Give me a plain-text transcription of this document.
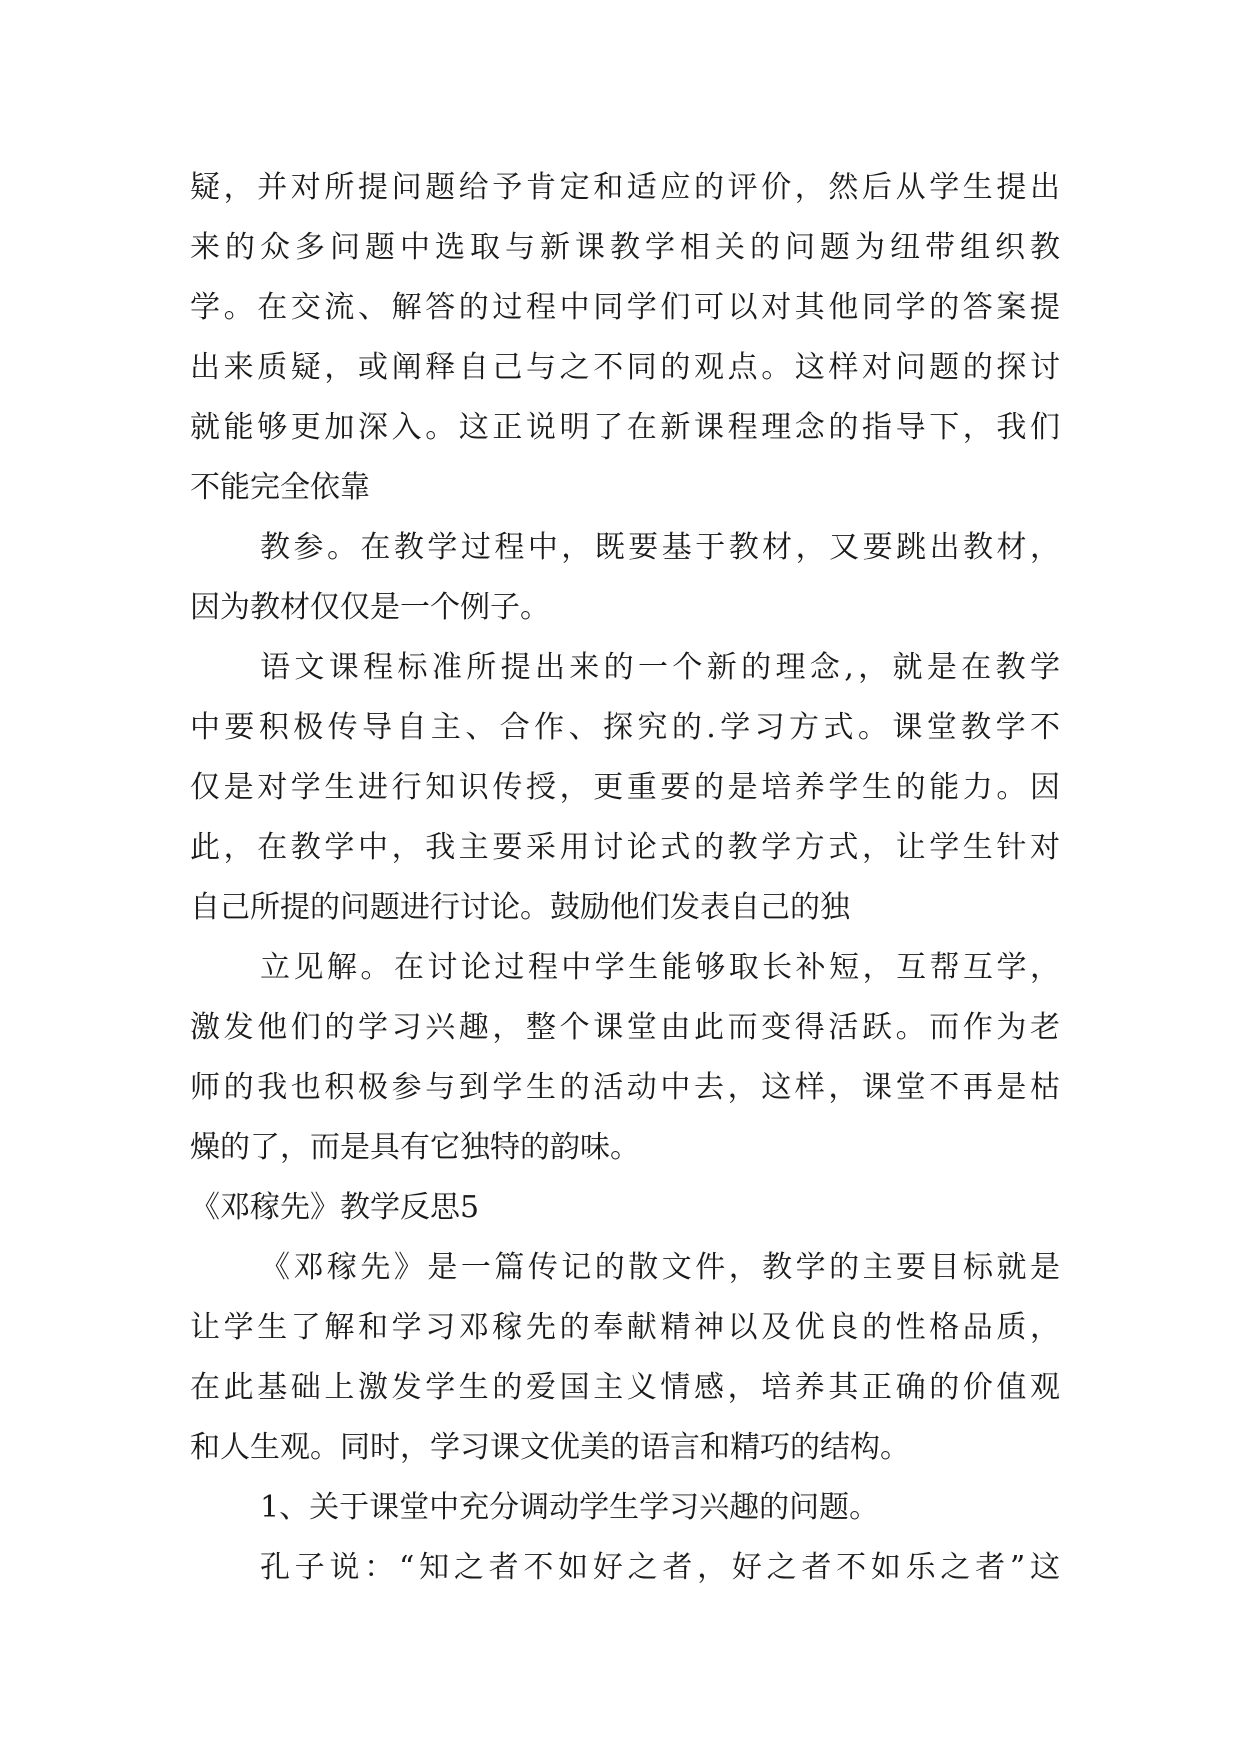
疑，并对所提问题给予肯定和适应的评价，然后从学生提出

来的众多问题中选取与新课教学相关的问题为纽带组织教

学。在交流、解答的过程中同学们可以对其他同学的答案提

出来质疑，或阐释自己与之不同的观点。这样对问题的探讨

就能够更加深入。这正说明了在新课程理念的指导下，我们

不能完全依靠

教参。在教学过程中，既要基于教材，又要跳出教材，

因为教材仅仅是一个例子。

语文课程标准所提出来的一个新的理念,，就是在教学

中要积极传导自主、合作、探究的.学习方式。课堂教学不

仅是对学生进行知识传授，更重要的是培养学生的能力。因

此，在教学中，我主要采用讨论式的教学方式，让学生针对

自己所提的问题进行讨论。鼓励他们发表自己的独

立见解。在讨论过程中学生能够取长补短，互帮互学，

激发他们的学习兴趣，整个课堂由此而变得活跃。而作为老

师的我也积极参与到学生的活动中去，这样，课堂不再是枯

燥的了，而是具有它独特的韵味。

《邓稼先》教学反思5

《邓稼先》是一篇传记的散文件，教学的主要目标就是

让学生了解和学习邓稼先的奉献精神以及优良的性格品质，

在此基础上激发学生的爱国主义情感，培养其正确的价值观

和人生观。同时，学习课文优美的语言和精巧的结构。

1、关于课堂中充分调动学生学习兴趣的问题。

孔子说：“知之者不如好之者，好之者不如乐之者”这
